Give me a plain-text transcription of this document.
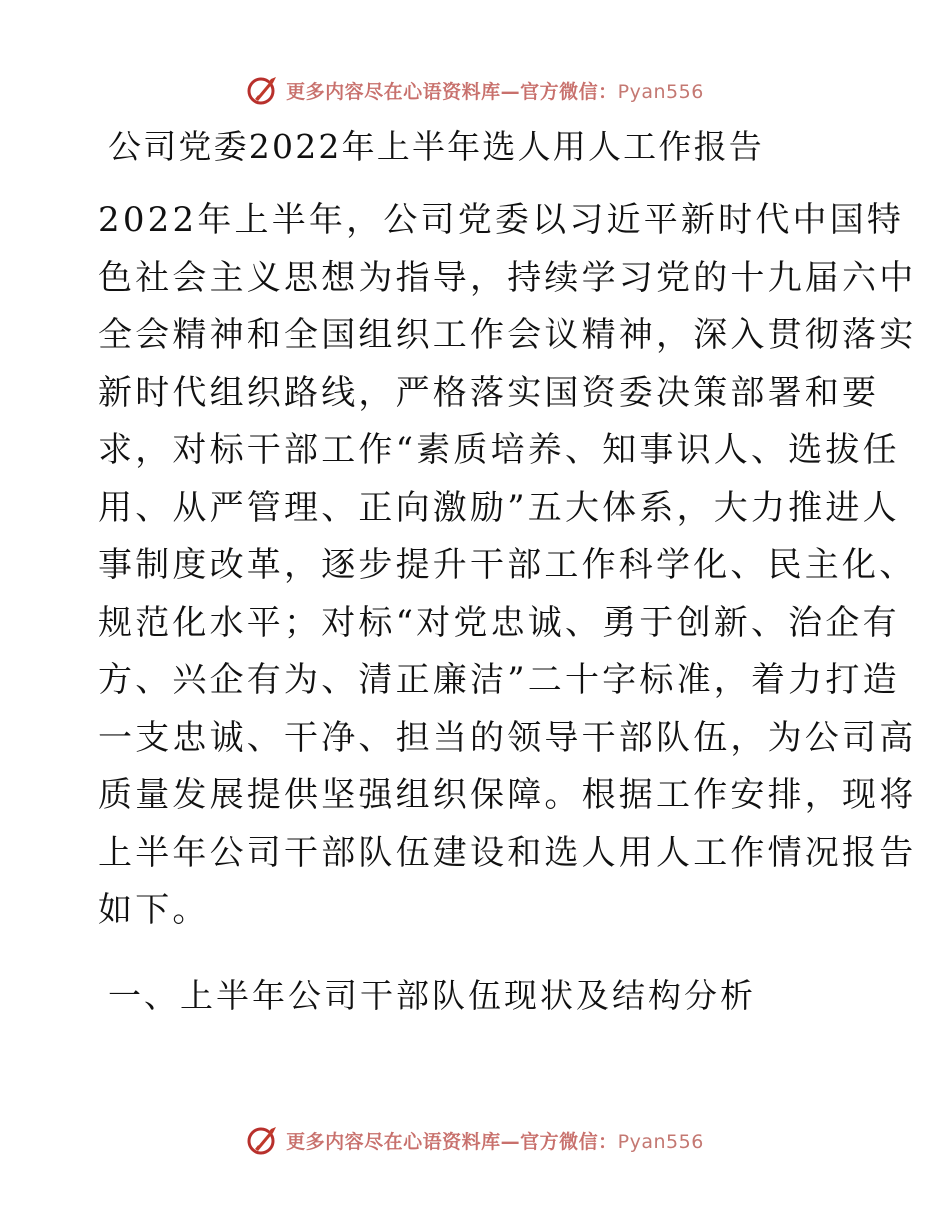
更多内容尽在心语资料库—官方微信：Pyan556
公司党委2022年上半年选人用人工作报告
2022年上半年，公司党委以习近平新时代中国特
色社会主义思想为指导，持续学习党的十九届六中
全会精神和全国组织工作会议精神，深入贯彻落实
新时代组织路线，严格落实国资委决策部署和要
求，对标干部工作“素质培养、知事识人、选拔任
用、从严管理、正向激励”五大体系，大力推进人
事制度改革，逐步提升干部工作科学化、民主化、
规范化水平；对标“对党忠诚、勇于创新、治企有
方、兴企有为、清正廉洁”二十字标准，着力打造
一支忠诚、干净、担当的领导干部队伍，为公司高
质量发展提供坚强组织保障。根据工作安排，现将
上半年公司干部队伍建设和选人用人工作情况报告
如下。
一、上半年公司干部队伍现状及结构分析
更多内容尽在心语资料库—官方微信：Pyan556
